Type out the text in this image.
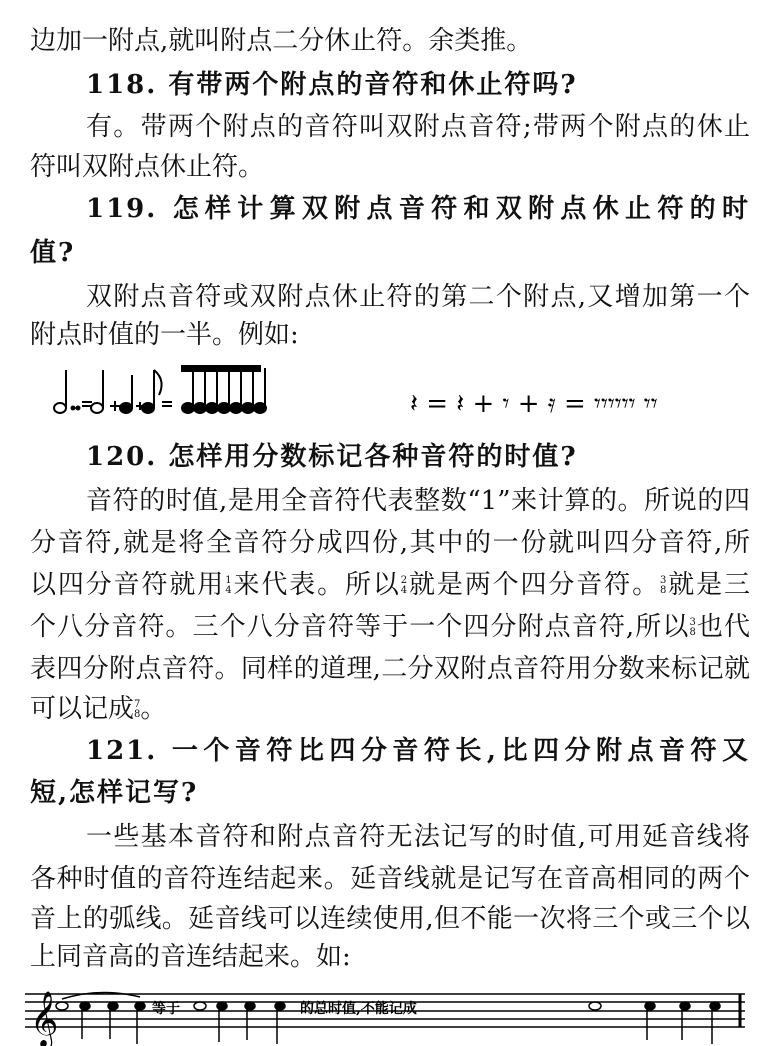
边加一附点,就叫附点二分休止符。余类推。
118. 有带两个附点的音符和休止符吗?
有。带两个附点的音符叫双附点音符;带两个附点的休止
符叫双附点休止符。
119. 怎样计算双附点音符和双附点休止符的时
值?
双附点音符或双附点休止符的第二个附点,又增加第一个
附点时值的一半。例如:
𝄽 = 𝄽 + 𝄾 + 𝄿 = 𝄾𝄾𝄾𝄾𝄾𝄾 𝄾𝄾
120. 怎样用分数标记各种音符的时值?
音符的时值,是用全音符代表整数“1”来计算的。所说的四
分音符,就是将全音符分成四份,其中的一份就叫四分音符,所
以四分音符就用 1
4 来代表。所以 2
4 就是两个四分音符。 3
8 就是三
个八分音符。三个八分音符等于一个四分附点音符,所以 3
8 也代
表四分附点音符。同样的道理,二分双附点音符用分数来标记就
可以记成 7
8 。
121. 一个音符比四分音符长,比四分附点音符又
短,怎样记写?
一些基本音符和附点音符无法记写的时值,可用延音线将
各种时值的音符连结起来。延音线就是记写在音高相同的两个
音上的弧线。延音线可以连续使用,但不能一次将三个或三个以
上同音高的音连结起来。如:
𝄞	等于	的总时值,不能记成
